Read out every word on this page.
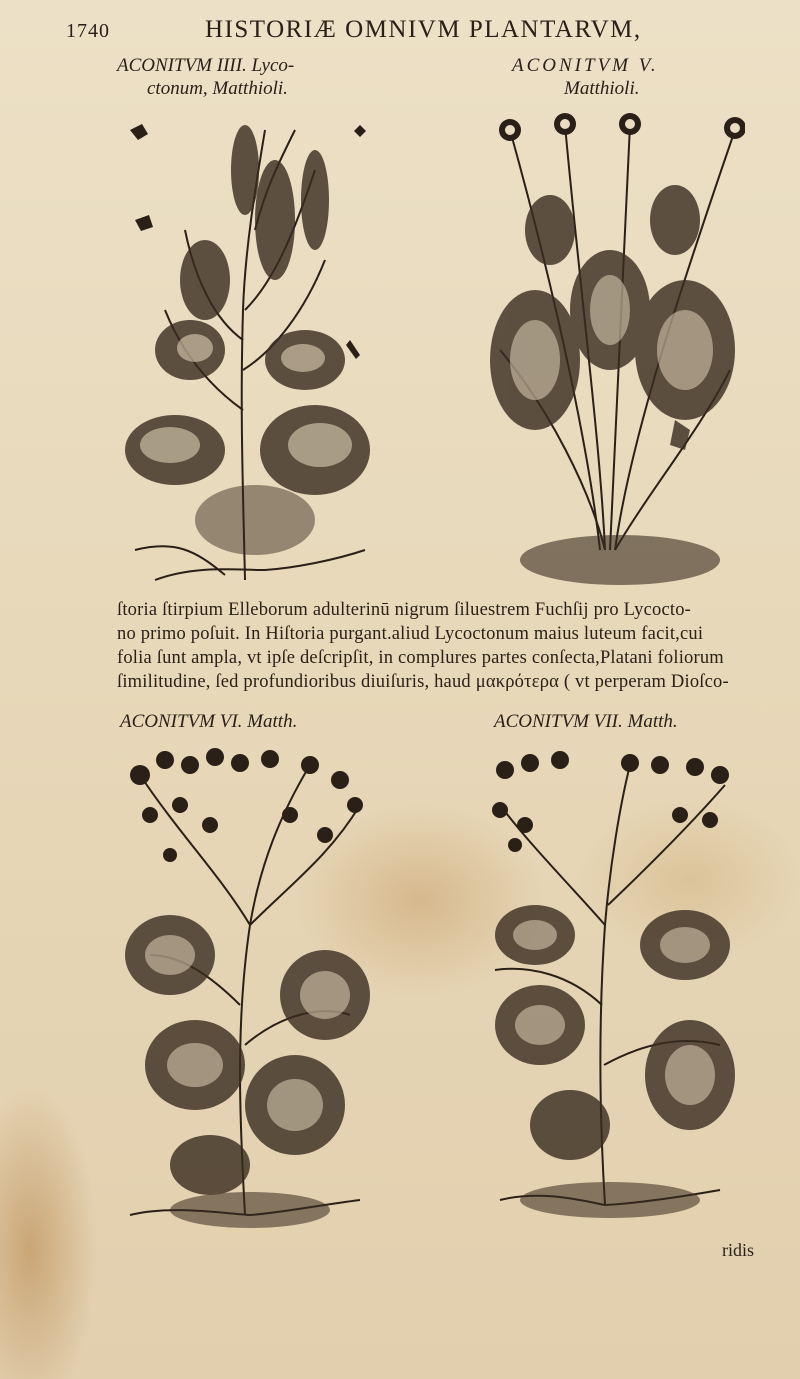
1740	HISTORIÆ OMNIVM PLANTARVM,
ACONITVM IIII. Lyco-
ctonum, Matthioli.
ACONITVM V.
Matthioli.
ſtoria ſtirpium Elleborum adulterinū nigrum ſiluestrem Fuchſij pro Lycocto-
no primo poſuit. In Hiſtoria purgant.aliud Lycoctonum maius luteum facit,cui
folia ſunt ampla, vt ipſe deſcripſit, in complures partes conſecta,Platani foliorum
ſimilitudine, ſed profundioribus diuiſuris, haud μακρότερα ( vt perperam Dioſco-
ACONITVM VI. Matth.	ACONITVM VII. Matth.
ridis
